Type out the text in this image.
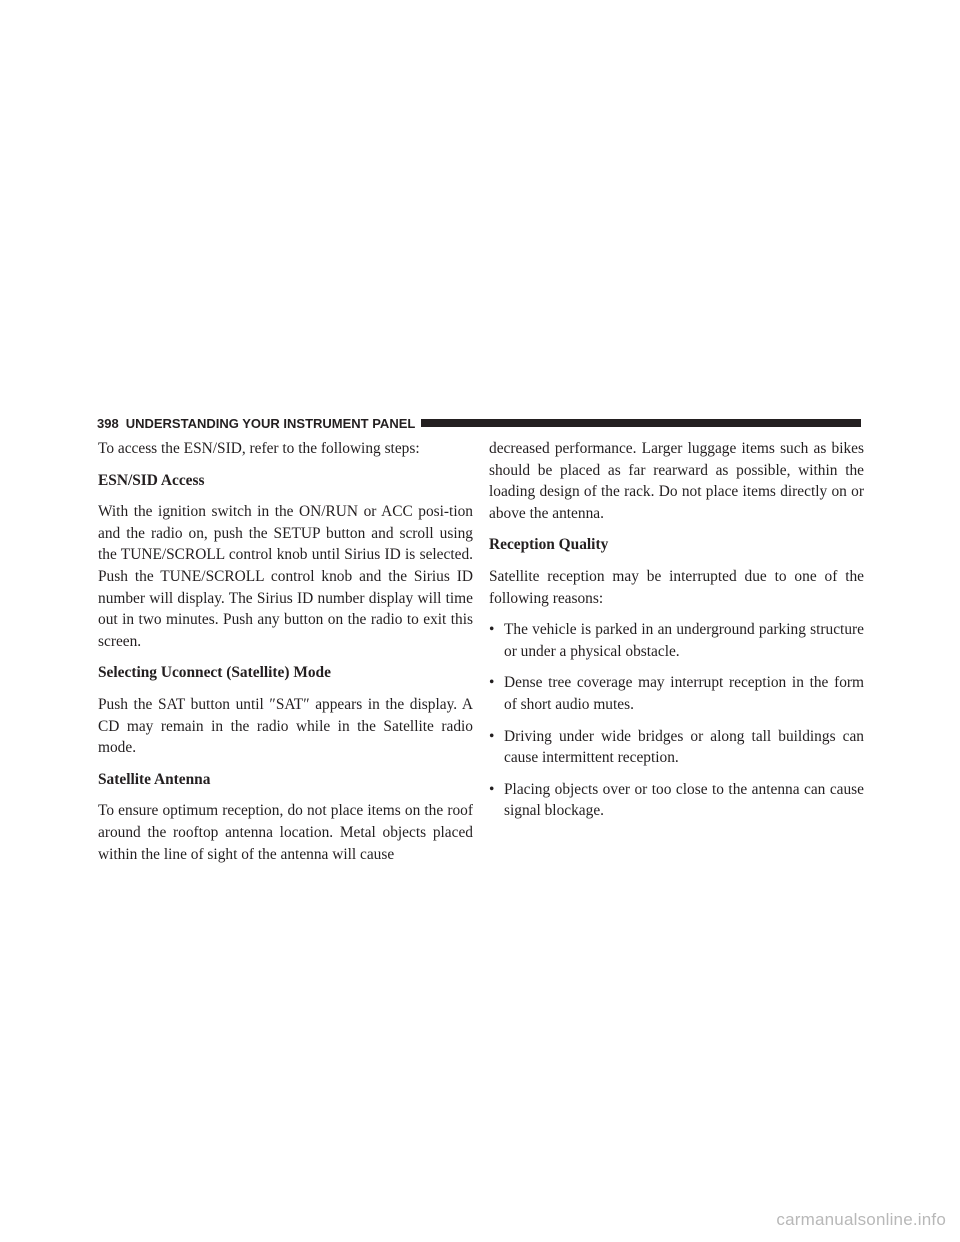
398 UNDERSTANDING YOUR INSTRUMENT PANEL

To access the ESN/SID, refer to the following steps:

ESN/SID Access

With the ignition switch in the ON/RUN or ACC posi-tion and the radio on, push the SETUP button and scroll using the TUNE/SCROLL control knob until Sirius ID is selected. Push the TUNE/SCROLL control knob and the Sirius ID number will display. The Sirius ID number display will time out in two minutes. Push any button on the radio to exit this screen.

Selecting Uconnect (Satellite) Mode

Push the SAT button until ″SAT″ appears in the display. A CD may remain in the radio while in the Satellite radio mode.

Satellite Antenna

To ensure optimum reception, do not place items on the roof around the rooftop antenna location. Metal objects placed within the line of sight of the antenna will cause

decreased performance. Larger luggage items such as bikes should be placed as far rearward as possible, within the loading design of the rack. Do not place items directly on or above the antenna.

Reception Quality

Satellite reception may be interrupted due to one of the following reasons:

• The vehicle is parked in an underground parking structure or under a physical obstacle.
• Dense tree coverage may interrupt reception in the form of short audio mutes.
• Driving under wide bridges or along tall buildings can cause intermittent reception.
• Placing objects over or too close to the antenna can cause signal blockage.
carmanualsonline.info
